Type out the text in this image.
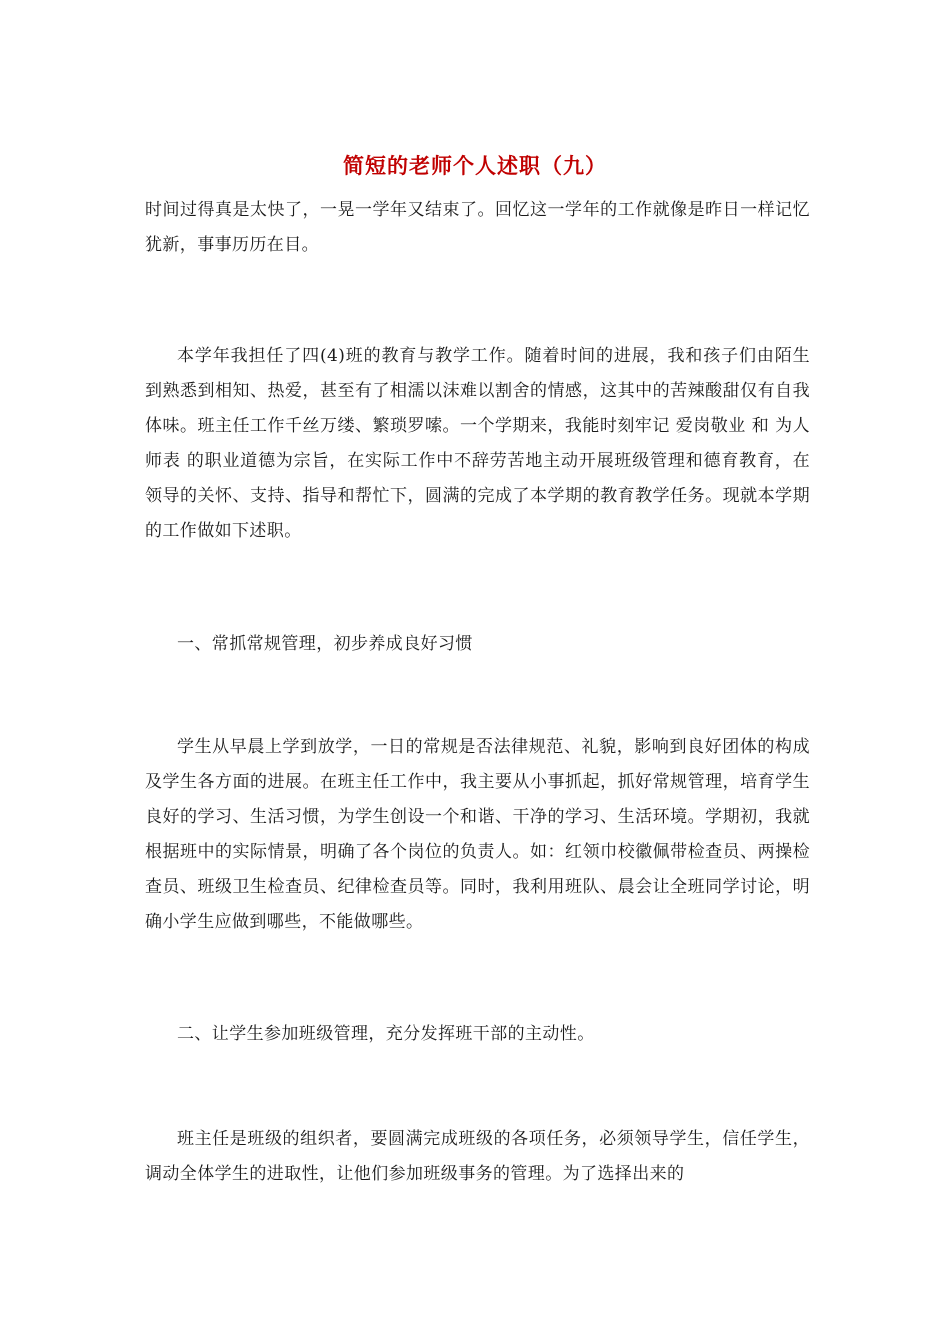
简短的老师个人述职（九）

时间过得真是太快了，一晃一学年又结束了。回忆这一学年的工作就像是昨日一样记忆犹新，事事历历在目。

本学年我担任了四(4)班的教育与教学工作。随着时间的进展，我和孩子们由陌生到熟悉到相知、热爱，甚至有了相濡以沫难以割舍的情感，这其中的苦辣酸甜仅有自我体味。班主任工作千丝万缕、繁琐罗嗦。一个学期来，我能时刻牢记 爱岗敬业 和 为人师表 的职业道德为宗旨，在实际工作中不辞劳苦地主动开展班级管理和德育教育，在领导的关怀、支持、指导和帮忙下，圆满的完成了本学期的教育教学任务。现就本学期的工作做如下述职。

一、常抓常规管理，初步养成良好习惯

学生从早晨上学到放学，一日的常规是否法律规范、礼貌，影响到良好团体的构成及学生各方面的进展。在班主任工作中，我主要从小事抓起，抓好常规管理，培育学生良好的学习、生活习惯，为学生创设一个和谐、干净的学习、生活环境。学期初，我就根据班中的实际情景，明确了各个岗位的负责人。如：红领巾校徽佩带检查员、两操检查员、班级卫生检查员、纪律检查员等。同时，我利用班队、晨会让全班同学讨论，明确小学生应做到哪些，不能做哪些。

二、让学生参加班级管理，充分发挥班干部的主动性。

班主任是班级的组织者，要圆满完成班级的各项任务，必须领导学生，信任学生，调动全体学生的进取性，让他们参加班级事务的管理。为了选择出来的
